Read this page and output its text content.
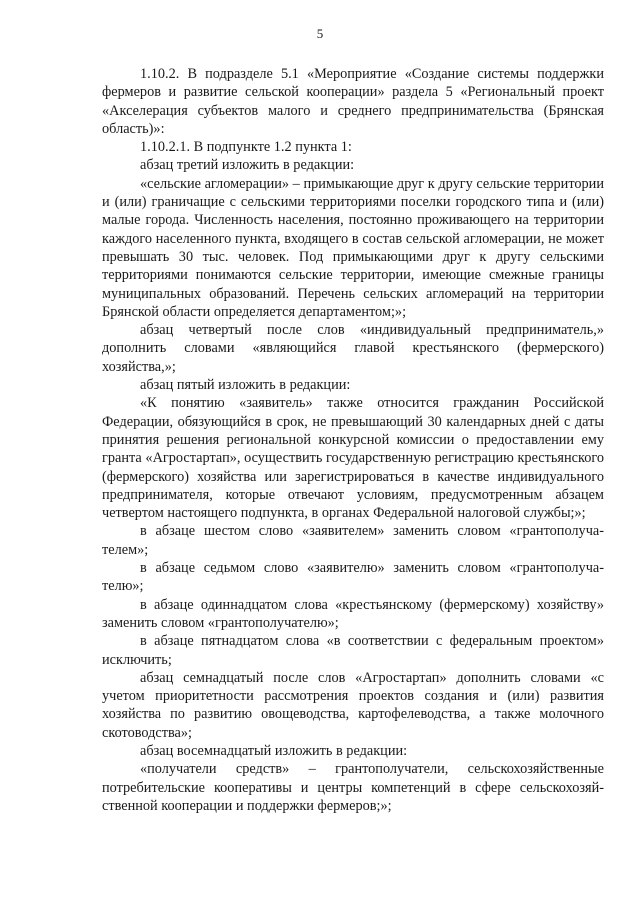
5

1.10.2. В подразделе 5.1 «Мероприятие «Создание системы поддержки фермеров и развитие сельской кооперации» раздела 5 «Региональный проект «Акселерация субъектов малого и среднего предпринимательства (Брянская область)»:

1.10.2.1. В подпункте 1.2 пункта 1:

абзац третий изложить в редакции:

«сельские агломерации» – примыкающие друг к другу сельские территории и (или) граничащие с сельскими территориями поселки городского типа и (или) малые города. Численность населения, постоянно проживающего на территории каждого населенного пункта, входящего в состав сельской агломерации, не может превышать 30 тыс. человек. Под примыкающими друг к другу сельскими территориями понимаются сельские территории, имеющие смежные границы муниципальных образований. Перечень сельских агломераций на территории Брянской области определяется департаментом;»;

абзац четвертый после слов «индивидуальный предприниматель,» дополнить словами «являющийся главой крестьянского (фермерского) хозяйства,»;

абзац пятый изложить в редакции:

«К понятию «заявитель» также относится гражданин Российской Федерации, обязующийся в срок, не превышающий 30 календарных дней с даты принятия решения региональной конкурсной комиссии о предоставлении ему гранта «Агростартап», осуществить государственную регистрацию крестьянского (фермерского) хозяйства или зарегистрироваться в качестве индивидуального предпринимателя, которые отвечают условиям, предусмотренным абзацем четвертом настоящего подпункта, в органах Федеральной налоговой службы;»;

в абзаце шестом слово «заявителем» заменить словом «грантополучателем»;

в абзаце седьмом слово «заявителю» заменить словом «грантополучателю»;

в абзаце одиннадцатом слова «крестьянскому (фермерскому) хозяйству» заменить словом «грантополучателю»;

в абзаце пятнадцатом слова «в соответствии с федеральным проектом» исключить;

абзац семнадцатый после слов «Агростартап» дополнить словами «с учетом приоритетности рассмотрения проектов создания и (или) развития хозяйства по развитию овощеводства, картофелеводства, а также молочного скотоводства»;

абзац восемнадцатый изложить в редакции:

«получатели средств» – грантополучатели, сельскохозяйственные потребительские кооперативы и центры компетенций в сфере сельскохозяйственной кооперации и поддержки фермеров;»;
